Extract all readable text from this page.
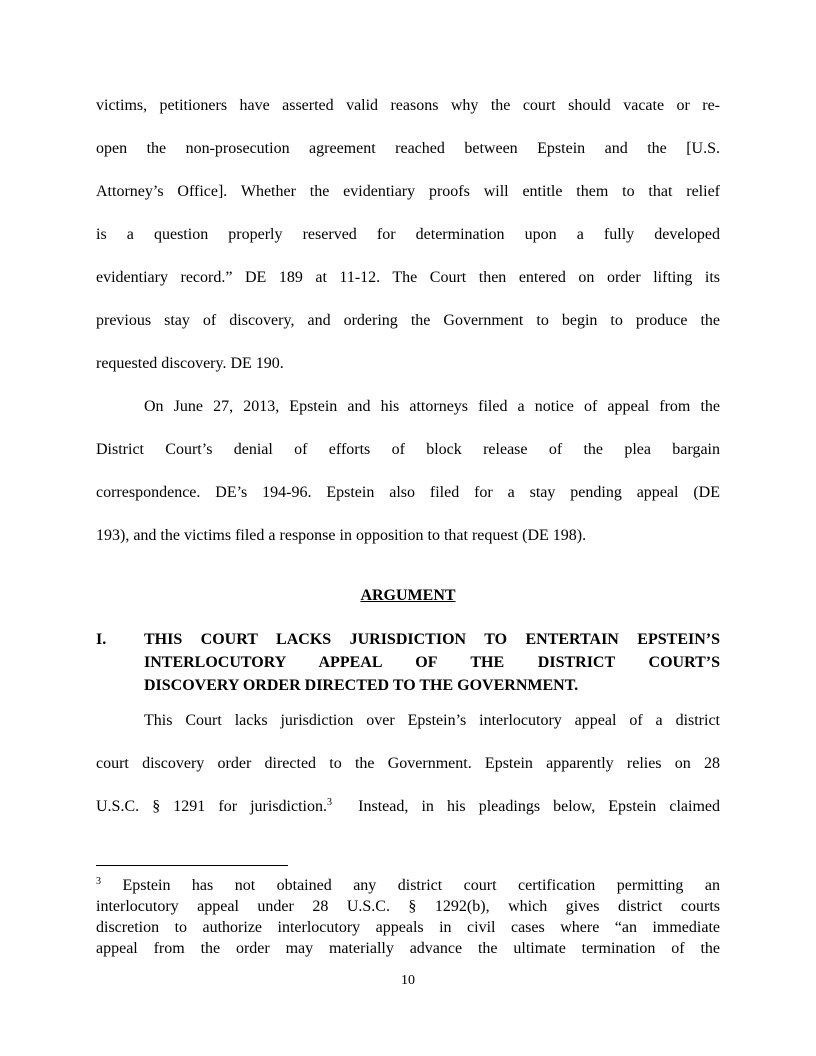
victims, petitioners have asserted valid reasons why the court should vacate or re-
open the non-prosecution agreement reached between Epstein and the [U.S.
Attorney’s Office]. Whether the evidentiary proofs will entitle them to that relief
is a question properly reserved for determination upon a fully developed
evidentiary record.” DE 189 at 11-12. The Court then entered on order lifting its
previous stay of discovery, and ordering the Government to begin to produce the
requested discovery. DE 190.
On June 27, 2013, Epstein and his attorneys filed a notice of appeal from the
District Court’s denial of efforts of block release of the plea bargain
correspondence. DE’s 194-96. Epstein also filed for a stay pending appeal (DE
193), and the victims filed a response in opposition to that request (DE 198).
ARGUMENT
I. THIS COURT LACKS JURISDICTION TO ENTERTAIN EPSTEIN’S
INTERLOCUTORY APPEAL OF THE DISTRICT COURT’S
DISCOVERY ORDER DIRECTED TO THE GOVERNMENT.
This Court lacks jurisdiction over Epstein’s interlocutory appeal of a district
court discovery order directed to the Government. Epstein apparently relies on 28
U.S.C. § 1291 for jurisdiction.$^3$  Instead, in his pleadings below, Epstein claimed
$^3$ Epstein has not obtained any district court certification permitting an
interlocutory appeal under 28 U.S.C. § 1292(b), which gives district courts
discretion to authorize interlocutory appeals in civil cases where “an immediate
appeal from the order may materially advance the ultimate termination of the
10
